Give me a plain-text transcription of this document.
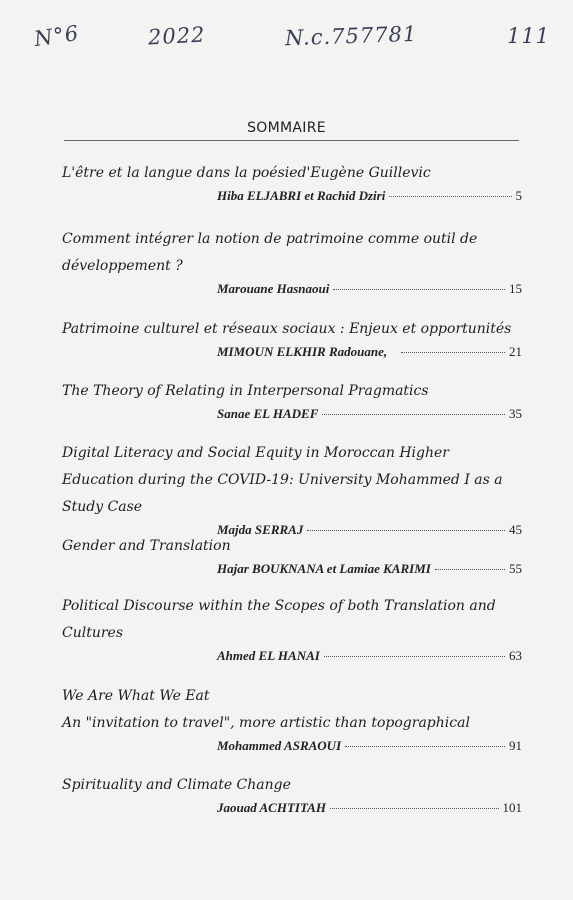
N°6	2022	N.c.757781	111
SOMMAIRE
L'être et la langue dans la poésied'Eugène Guillevic
Hiba ELJABRI et Rachid Dziri	5
Comment intégrer la notion de patrimoine comme outil de développement ?
Marouane Hasnaoui	15
Patrimoine culturel et réseaux sociaux : Enjeux et opportunités
MIMOUN ELKHIR Radouane,	21
The Theory of Relating in Interpersonal Pragmatics
Sanae EL HADEF	35
Digital Literacy and Social Equity in Moroccan Higher Education during the COVID-19: University Mohammed I as a Study Case
Majda SERRAJ	45
Gender and Translation
Hajar BOUKNANA et Lamiae KARIMI	55
Political Discourse within the Scopes of both Translation and Cultures
Ahmed EL HANAI	63
We Are What We Eat
An "invitation to travel", more artistic than topographical
Mohammed ASRAOUI	91
Spirituality and Climate Change
Jaouad ACHTITAH	101
